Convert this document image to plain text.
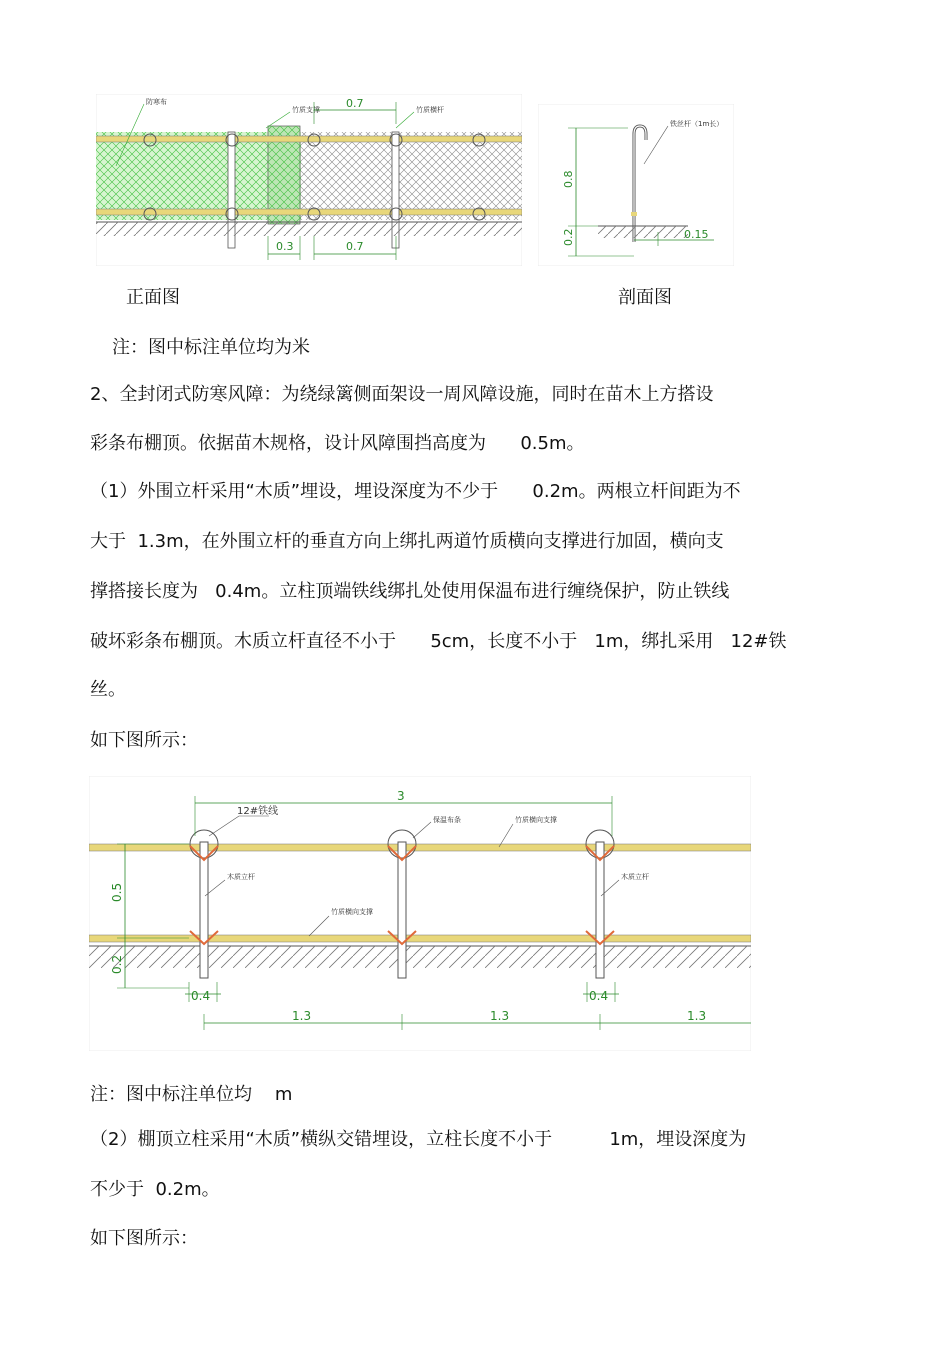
防寒布
竹质支撑	竹质横杆
0.7
0.3	0.7
铁丝杆（1m长）
0.8
0.2	0.15
正面图	剖面图
注：图中标注单位均为米
2、全封闭式防寒风障：为绕绿篱侧面架设一周风障设施，同时在苗木上方搭设
彩条布棚顶。依据苗木规格，设计风障围挡高度为      0.5m。
（1）外围立杆采用“木质”埋设，埋设深度为不少于      0.2m。两根立杆间距为不
大于  1.3m，在外围立杆的垂直方向上绑扎两道竹质横向支撑进行加固，横向支
撑搭接长度为   0.4m。立柱顶端铁线绑扎处使用保温布进行缠绕保护，防止铁线
破坏彩条布棚顶。木质立杆直径不小于      5cm，长度不小于   1m，绑扎采用   12#铁
丝。
如下图所示：
12#铁线
保温布条	竹质横向支撑
木质立杆
竹质横向支撑
木质立杆
3
0.5
0.2
0.4	0.4
1.3	1.3	1.3
注：图中标注单位均    m
（2）棚顶立柱采用“木质”横纵交错埋设，立柱长度不小于          1m，埋设深度为
不少于  0.2m。
如下图所示：
